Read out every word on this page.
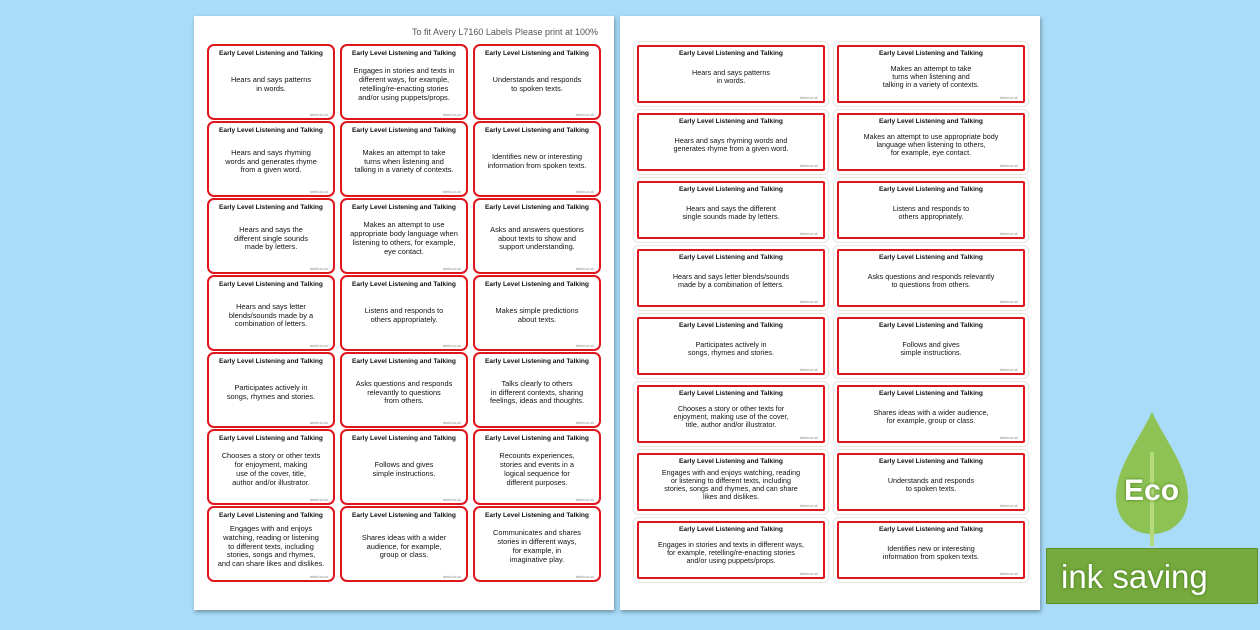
To fit Avery L7160 Labels Please print at 100%
Early Level Listening and Talking
Hears and says patterns
in words.
twinkl.co.uk
Early Level Listening and Talking
Engages in stories and texts in
different ways, for example,
retelling/re-enacting stories
and/or using puppets/props.
twinkl.co.uk
Early Level Listening and Talking
Understands and responds
to spoken texts.
twinkl.co.uk
Early Level Listening and Talking
Hears and says rhyming
words and generates rhyme
from a given word.
twinkl.co.uk
Early Level Listening and Talking
Makes an attempt to take
turns when listening and
talking in a variety of contexts.
twinkl.co.uk
Early Level Listening and Talking
Identifies new or interesting
information from spoken texts.
twinkl.co.uk
Early Level Listening and Talking
Hears and says the
different single sounds
made by letters.
twinkl.co.uk
Early Level Listening and Talking
Makes an attempt to use
appropriate body language when
listening to others, for example,
eye contact.
twinkl.co.uk
Early Level Listening and Talking
Asks and answers questions
about texts to show and
support understanding.
twinkl.co.uk
Early Level Listening and Talking
Hears and says letter
blends/sounds made by a
combination of letters.
twinkl.co.uk
Early Level Listening and Talking
Listens and responds to
others appropriately.
twinkl.co.uk
Early Level Listening and Talking
Makes simple predictions
about texts.
twinkl.co.uk
Early Level Listening and Talking
Participates actively in
songs, rhymes and stories.
twinkl.co.uk
Early Level Listening and Talking
Asks questions and responds
relevantly to questions
from others.
twinkl.co.uk
Early Level Listening and Talking
Talks clearly to others
in different contexts, sharing
feelings, ideas and thoughts.
twinkl.co.uk
Early Level Listening and Talking
Chooses a story or other texts
for enjoyment, making
use of the cover, title,
author and/or illustrator.
twinkl.co.uk
Early Level Listening and Talking
Follows and gives
simple instructions.
twinkl.co.uk
Early Level Listening and Talking
Recounts experiences,
stories and events in a
logical sequence for
different purposes.
twinkl.co.uk
Early Level Listening and Talking
Engages with and enjoys
watching, reading or listening
to different texts, including
stories, songs and rhymes,
and can share likes and dislikes.
twinkl.co.uk
Early Level Listening and Talking
Shares ideas with a wider
audience, for example,
group or class.
twinkl.co.uk
Early Level Listening and Talking
Communicates and shares
stories in different ways,
for example, in
imaginative play.
twinkl.co.uk
Early Level Listening and Talking
Hears and says patterns
in words.
twinkl.co.uk
Early Level Listening and Talking
Makes an attempt to take
turns when listening and
talking in a variety of contexts.
twinkl.co.uk
Early Level Listening and Talking
Hears and says rhyming words and
generates rhyme from a given word.
twinkl.co.uk
Early Level Listening and Talking
Makes an attempt to use appropriate body
language when listening to others,
for example, eye contact.
twinkl.co.uk
Early Level Listening and Talking
Hears and says the different
single sounds made by letters.
twinkl.co.uk
Early Level Listening and Talking
Listens and responds to
others appropriately.
twinkl.co.uk
Early Level Listening and Talking
Hears and says letter blends/sounds
made by a combination of letters.
twinkl.co.uk
Early Level Listening and Talking
Asks questions and responds relevantly
to questions from others.
twinkl.co.uk
Early Level Listening and Talking
Participates actively in
songs, rhymes and stories.
twinkl.co.uk
Early Level Listening and Talking
Follows and gives
simple instructions.
twinkl.co.uk
Early Level Listening and Talking
Chooses a story or other texts for
enjoyment, making use of the cover,
title, author and/or illustrator.
twinkl.co.uk
Early Level Listening and Talking
Shares ideas with a wider audience,
for example, group or class.
twinkl.co.uk
Early Level Listening and Talking
Engages with and enjoys watching, reading
or listening to different texts, including
stories, songs and rhymes, and can share
likes and dislikes.
twinkl.co.uk
Early Level Listening and Talking
Understands and responds
to spoken texts.
twinkl.co.uk
Early Level Listening and Talking
Engages in stories and texts in different ways,
for example, retelling/re-enacting stories
and/or using puppets/props.
twinkl.co.uk
Early Level Listening and Talking
Identifies new or interesting
information from spoken texts.
twinkl.co.uk
Eco
ink saving
